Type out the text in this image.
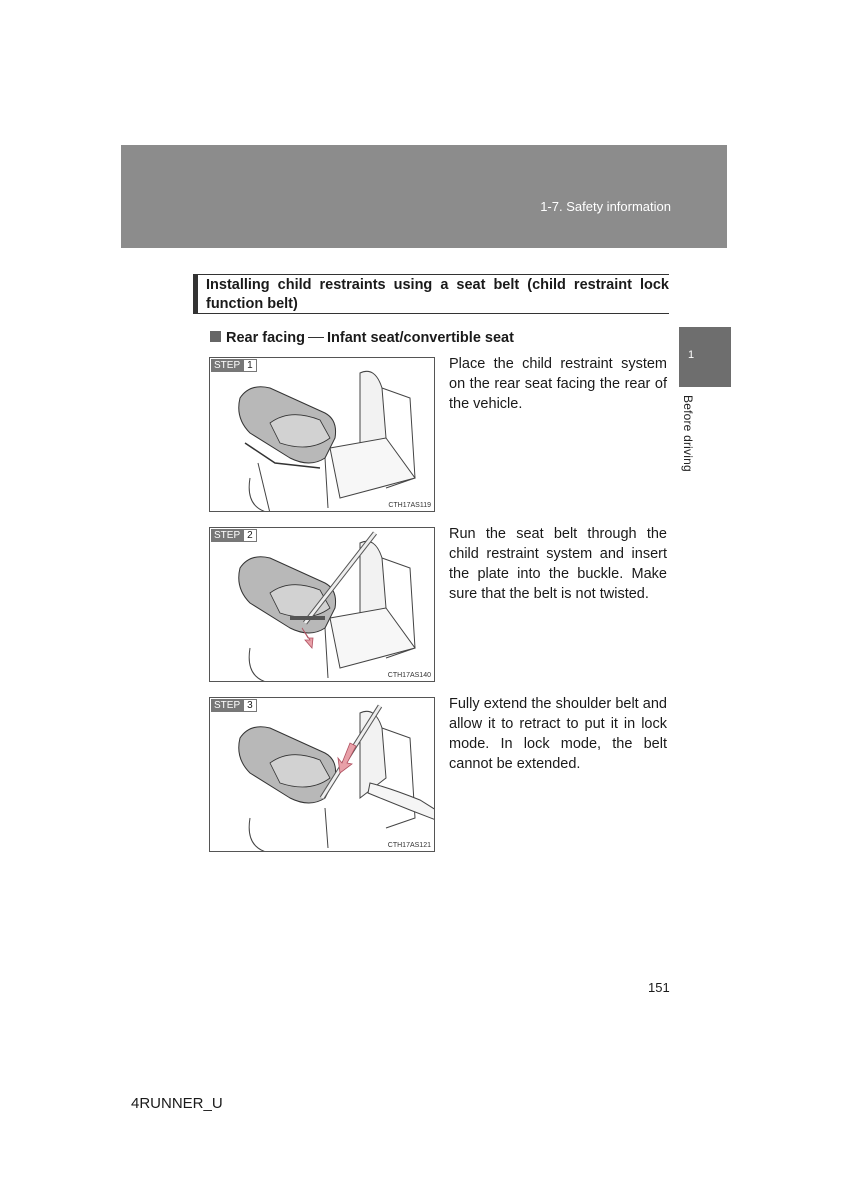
1-7. Safety information
1
Before driving
Installing child restraints using a seat belt (child restraint lock function belt)
Rear facing Infant seat/convertible seat
STEP 1
CTH17AS119
Place the child restraint system on the rear seat facing the rear of the vehicle.
STEP 2
CTH17AS140
Run the seat belt through the child restraint system and insert the plate into the buckle. Make sure that the belt is not twisted.
STEP 3
CTH17AS121
Fully extend the shoulder belt and allow it to retract to put it in lock mode. In lock mode, the belt cannot be extended.
151
4RUNNER_U
